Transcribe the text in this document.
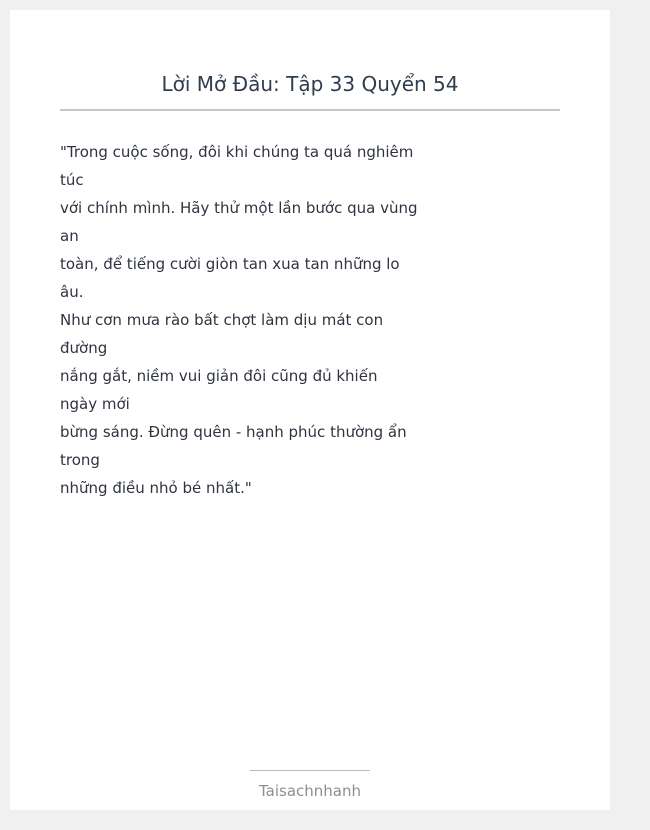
Lời Mở Đầu: Tập 33 Quyển 54
"Trong cuộc sống, đôi khi chúng ta quá nghiêm
túc
với chính mình. Hãy thử một lần bước qua vùng
an
toàn, để tiếng cười giòn tan xua tan những lo
âu.
Như cơn mưa rào bất chợt làm dịu mát con
đường
nắng gắt, niềm vui giản đôi cũng đủ khiến
ngày mới
bừng sáng. Đừng quên - hạnh phúc thường ẩn
trong
những điều nhỏ bé nhất."
Taisachnhanh
